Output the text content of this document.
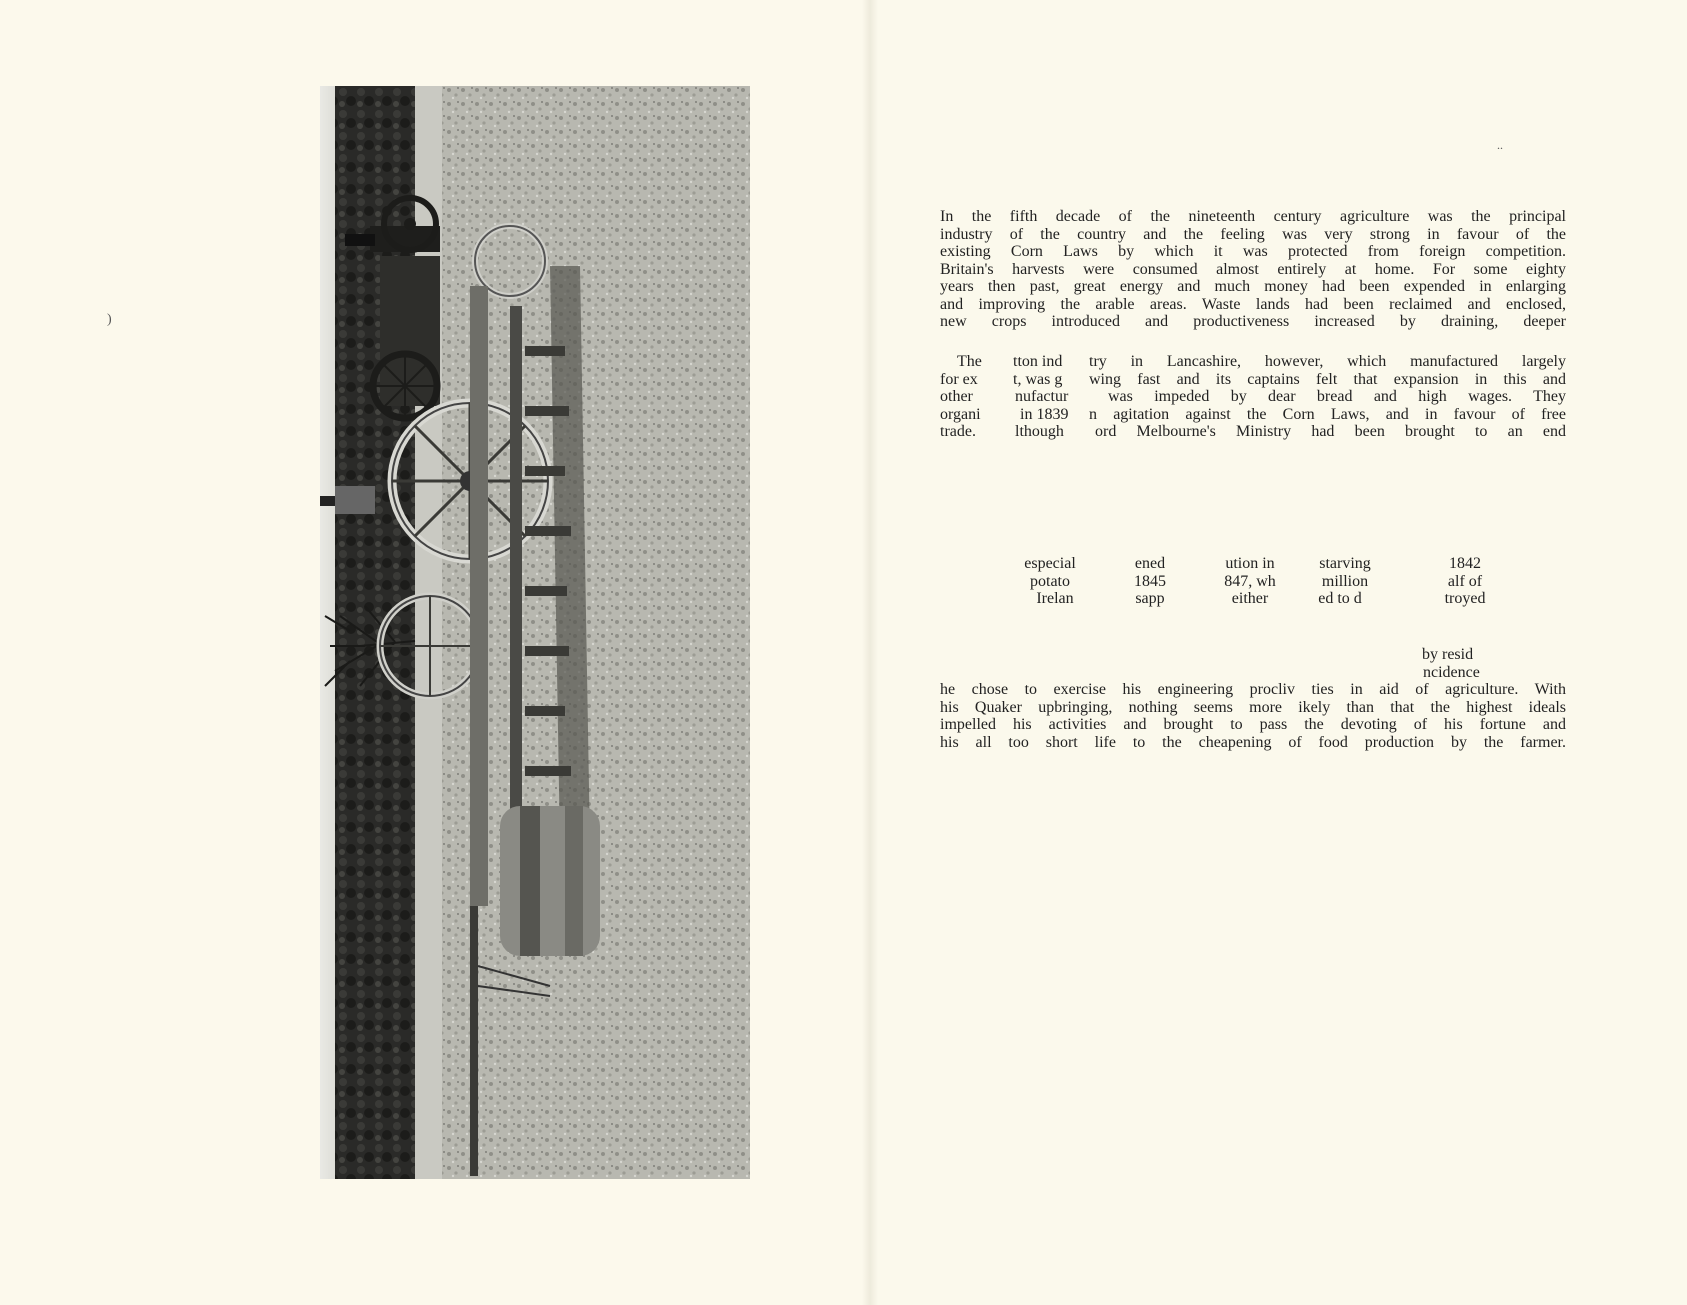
)
..

In the fifth decade of the nineteenth century agriculture was the principal

industry of the country and the feeling was very strong in favour of the

existing Corn Laws by which it was protected from foreign competition.

Britain's harvests were consumed almost entirely at home. For some eighty

years then past, great energy and much money had been expended in enlarging

and improving the arable areas. Waste lands had been reclaimed and enclosed,

new crops introduced and productiveness increased by draining, deeper

The tton ind try in Lancashire, however, which manufactured largely
for ex t, was g wing fast and its captains felt that expansion in this and
other	nufactur was impeded by dear bread and high wages. They
organi in 1839 n agitation against the Corn Laws, and in favour of free
trade. lthough ord Melbourne's Ministry had been brought to an end
especial	ened	ution in	starving	1842
potato	1845	847, wh	million	alf of
Irelan	sapp	either	ed to d	troyed
by resid
ncidence

he chose to exercise his engineering procliv ties in aid of agriculture. With

his Quaker upbringing, nothing seems more ikely than that the highest ideals

impelled his activities and brought to pass the devoting of his fortune and

his all too short life to the cheapening of food production by the farmer.
